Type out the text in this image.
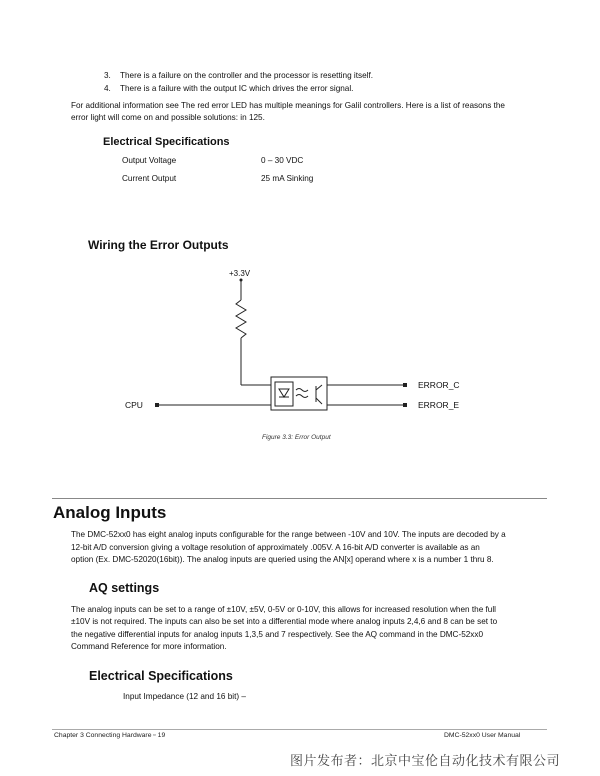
3. There is a failure on the controller and the processor is resetting itself.
4. There is a failure with the output IC which drives the error signal.
For additional information see The red error LED has multiple meanings for Galil controllers. Here is a list of reasons the
error light will come on and possible solutions: in 125.
Electrical Specifications
Output Voltage	0 – 30 VDC
Current Output	25 mA Sinking
Wiring the Error Outputs
+3.3V
CPU
ERROR_C
ERROR_E
Figure 3.3: Error Output
Analog Inputs
The DMC-52xx0 has eight analog inputs configurable for the range between -10V and 10V. The inputs are decoded by a
12-bit A/D conversion giving a voltage resolution of approximately .005V. A 16-bit A/D converter is available as an
option (Ex. DMC-52020(16bit)). The analog inputs are queried using the AN[x] operand where x is a number 1 thru 8.
AQ settings
The analog inputs can be set to a range of ±10V, ±5V, 0-5V or 0-10V, this allows for increased resolution when the full
±10V is not required. The inputs can also be set into a differential mode where analog inputs 2,4,6 and 8 can be set to
the negative differential inputs for analog inputs 1,3,5 and 7 respectively. See the AQ command in the DMC-52xx0
Command Reference for more information.
Electrical Specifications
Input Impedance (12 and 16 bit) –
Chapter 3 Connecting Hardware ▫ 19	DMC-52xx0 User Manual
图片发布者：北京中宝伦自动化技术有限公司
